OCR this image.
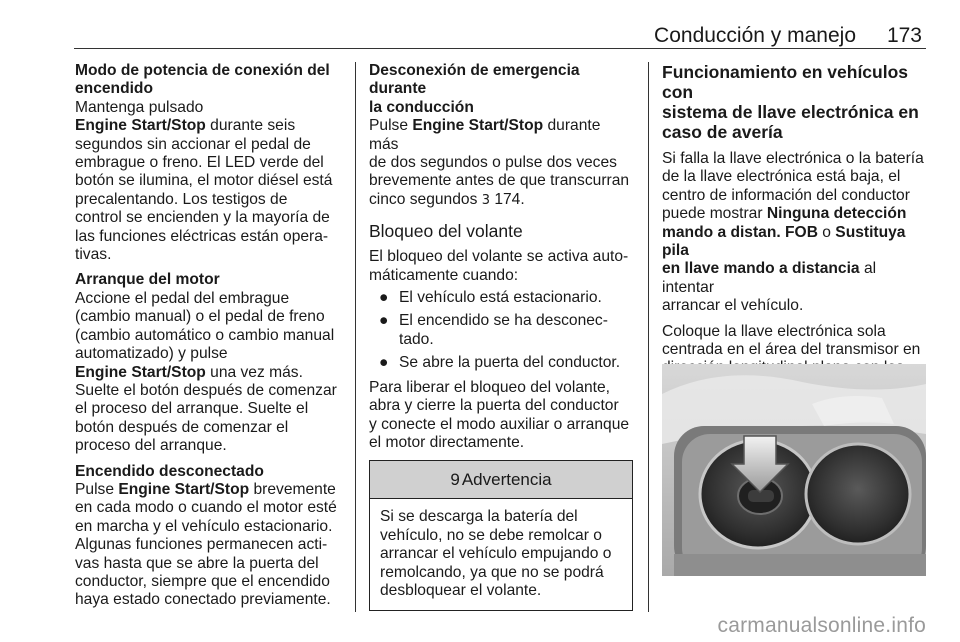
Conducción y manejo 173

Modo de potencia de conexión del

encendido

Mantenga pulsado

Engine Start/Stop durante seis

segundos sin accionar el pedal de

embrague o freno. El LED verde del

botón se ilumina, el motor diésel está

precalentando. Los testigos de

control se encienden y la mayoría de

las funciones eléctricas están opera-

tivas.

Arranque del motor

Accione el pedal del embrague

(cambio manual) o el pedal de freno

(cambio automático o cambio manual

automatizado) y pulse

Engine Start/Stop una vez más.

Suelte el botón después de comenzar

el proceso del arranque. Suelte el

botón después de comenzar el

proceso del arranque.

Encendido desconectado

Pulse Engine Start/Stop brevemente

en cada modo o cuando el motor esté

en marcha y el vehículo estacionario.

Algunas funciones permanecen acti-

vas hasta que se abre la puerta del

conductor, siempre que el encendido

haya estado conectado previamente.

Desconexión de emergencia durante

la conducción

Pulse Engine Start/Stop durante más

de dos segundos o pulse dos veces

brevemente antes de que transcurran

cinco segundos 3 174.

Bloqueo del volante

El bloqueo del volante se activa auto-

máticamente cuando:

● El vehículo está estacionario.
● El encendido se ha desconec-
tado.
● Se abre la puerta del conductor.

Para liberar el bloqueo del volante,

abra y cierre la puerta del conductor

y conecte el modo auxiliar o arranque

el motor directamente.

9 Advertencia

Si se descarga la batería del

vehículo, no se debe remolcar o

arrancar el vehículo empujando o

remolcando, ya que no se podrá

desbloquear el volante.

Funcionamiento en vehículos con
sistema de llave electrónica en
caso de avería

Si falla la llave electrónica o la batería

de la llave electrónica está baja, el

centro de información del conductor

puede mostrar Ninguna detección

mando a distan. FOB o Sustituya pila

en llave mando a distancia al intentar

arrancar el vehículo.

Coloque la llave electrónica sola

centrada en el área del transmisor en

carmanualsonline.info
